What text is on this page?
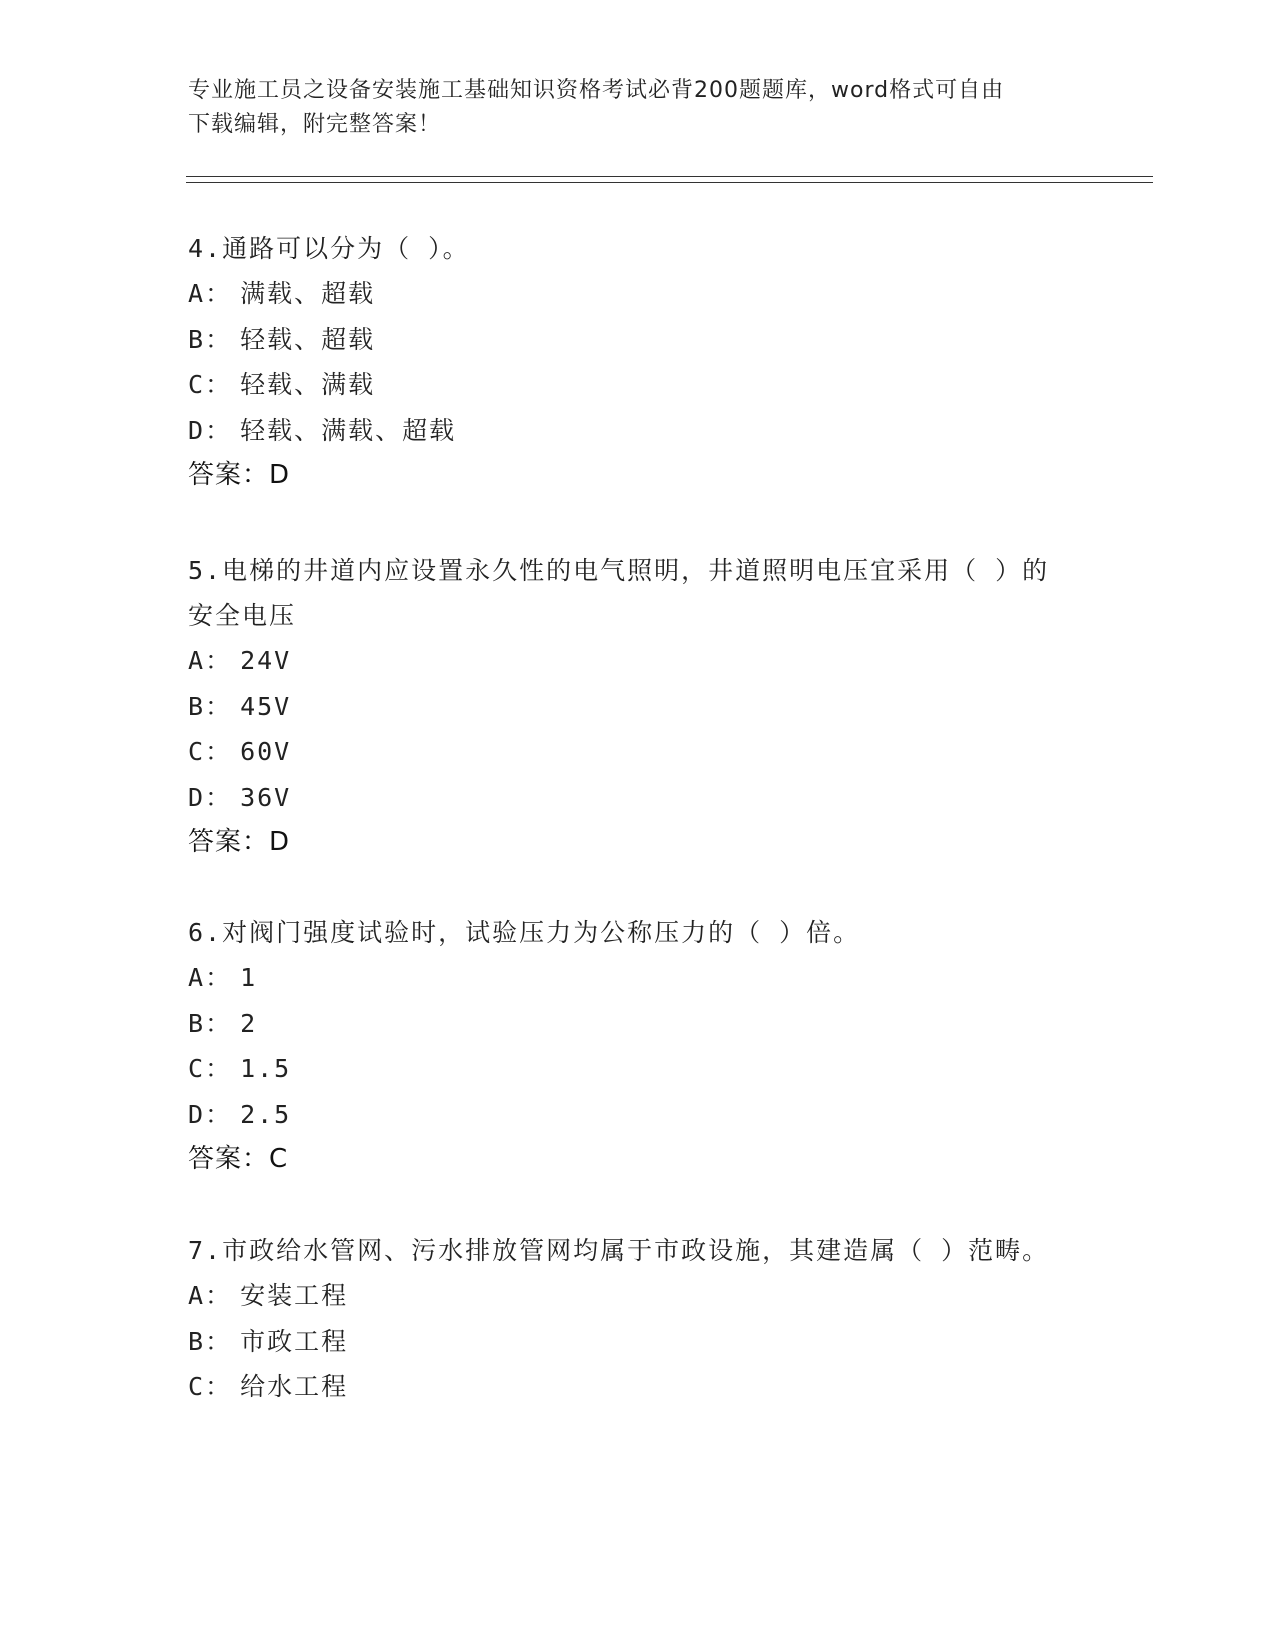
专业施工员之设备安装施工基础知识资格考试必背200题题库，word格式可自由
下载编辑，附完整答案！
4.通路可以分为（ ）。
A： 满载、超载
B： 轻载、超载
C： 轻载、满载
D： 轻载、满载、超载
答案：D
5.电梯的井道内应设置永久性的电气照明，井道照明电压宜采用（ ）的安全电压
A： 24V
B： 45V
C： 60V
D： 36V
答案：D
6.对阀门强度试验时，试验压力为公称压力的（ ）倍。
A： 1
B： 2
C： 1.5
D： 2.5
答案：C
7.市政给水管网、污水排放管网均属于市政设施，其建造属（ ）范畴。
A： 安装工程
B： 市政工程
C： 给水工程
